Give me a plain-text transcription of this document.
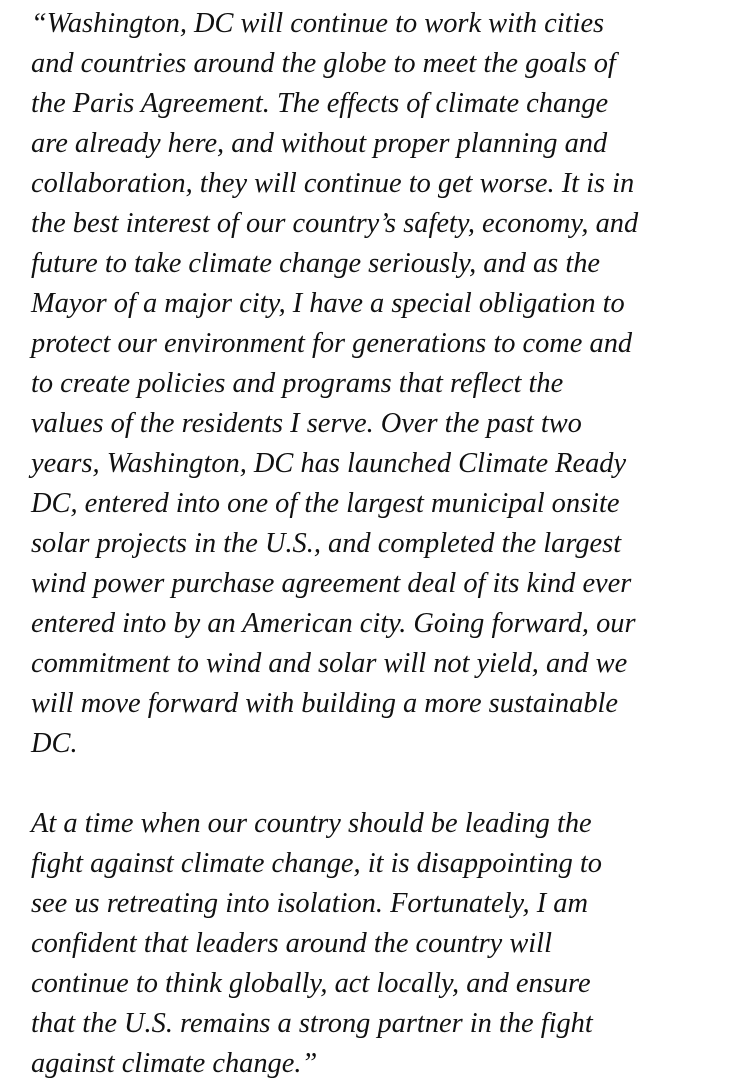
“Washington, DC will continue to work with cities
and countries around the globe to meet the goals of
the Paris Agreement. The effects of climate change
are already here, and without proper planning and
collaboration, they will continue to get worse. It is in
the best interest of our country’s safety, economy, and
future to take climate change seriously, and as the
Mayor of a major city, I have a special obligation to
protect our environment for generations to come and
to create policies and programs that reflect the
values of the residents I serve. Over the past two
years, Washington, DC has launched Climate Ready
DC, entered into one of the largest municipal onsite
solar projects in the U.S., and completed the largest
wind power purchase agreement deal of its kind ever
entered into by an American city. Going forward, our
commitment to wind and solar will not yield, and we
will move forward with building a more sustainable
DC.
At a time when our country should be leading the
fight against climate change, it is disappointing to
see us retreating into isolation. Fortunately, I am
confident that leaders around the country will
continue to think globally, act locally, and ensure
that the U.S. remains a strong partner in the fight
against climate change.”
